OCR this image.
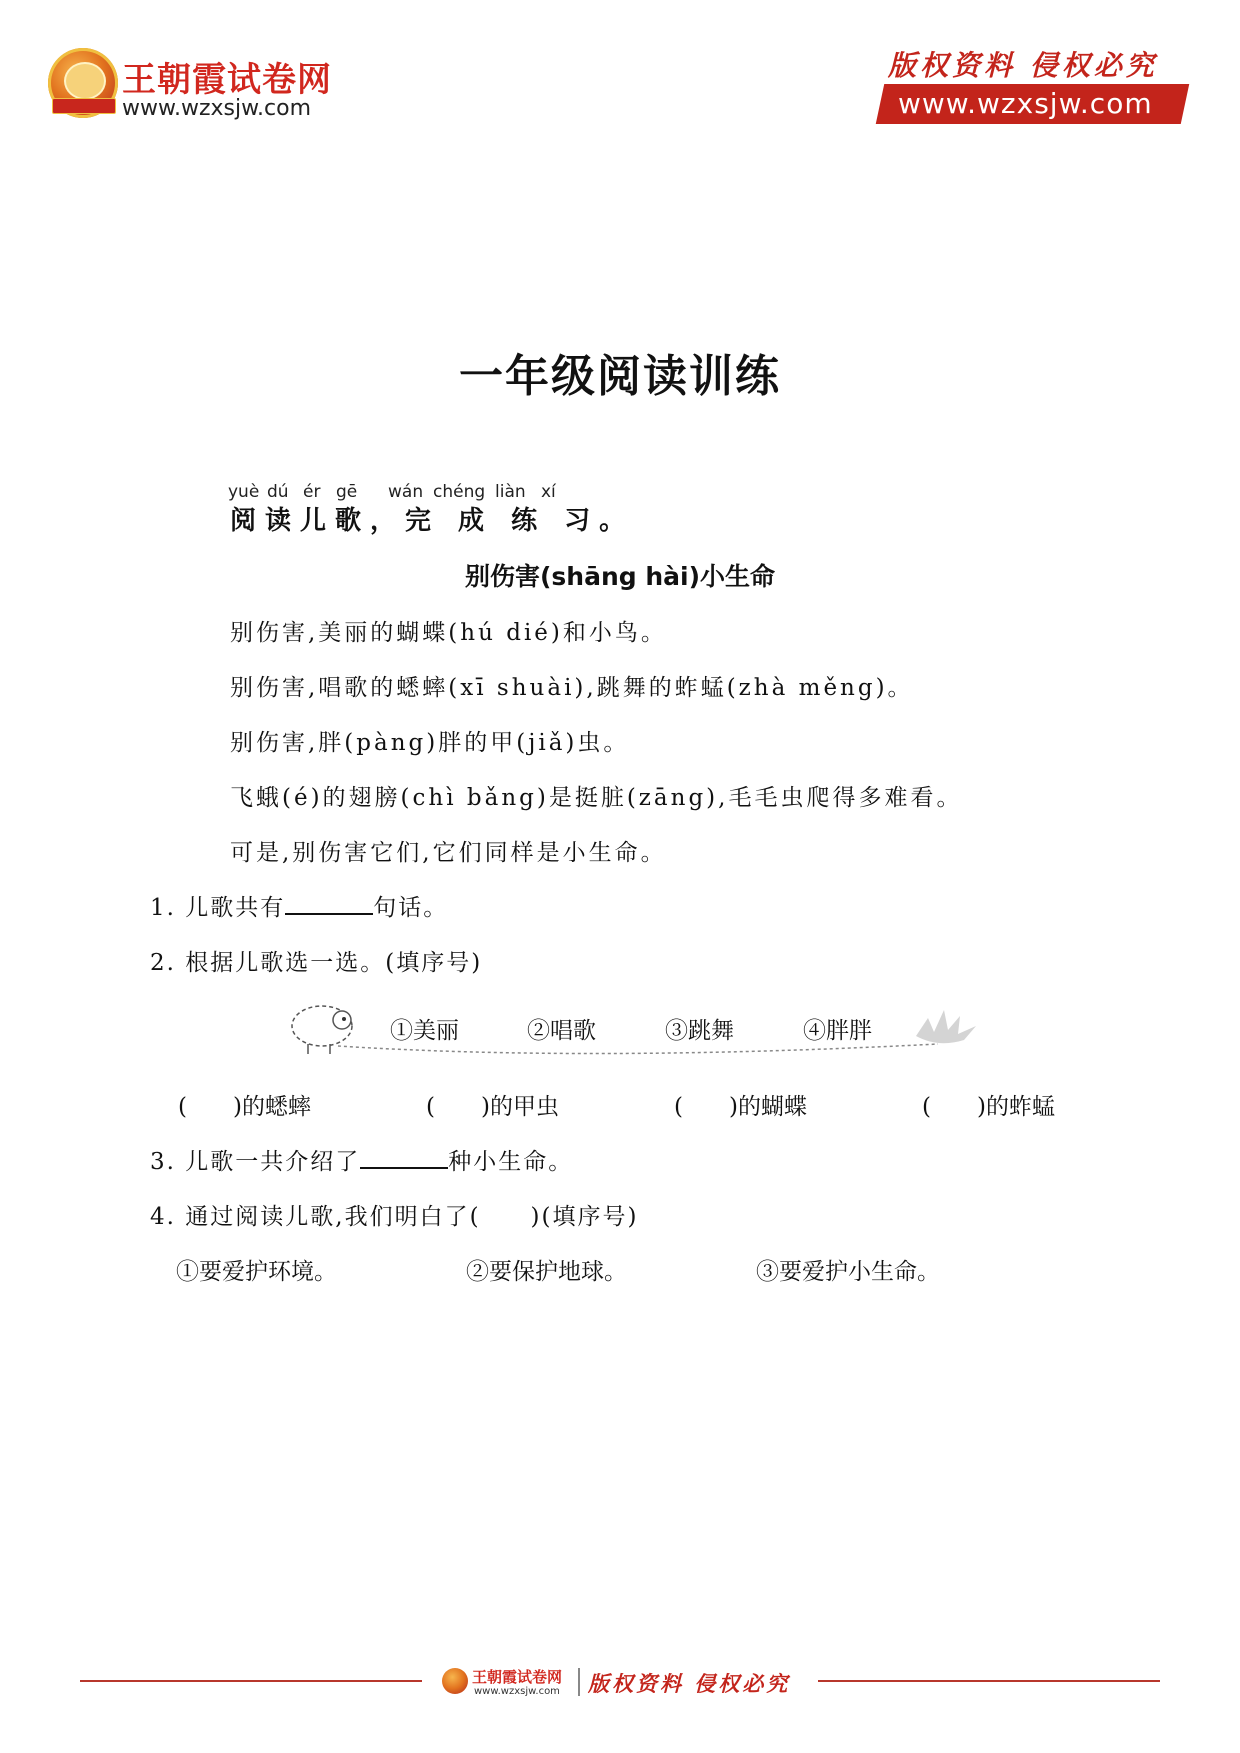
王朝霞试卷网
www.wzxsjw.com
版权资料 侵权必究
www.wzxsjw.com
一年级阅读训练
yuè dú ér gē wán chéng liàn xí
阅读儿歌，完 成 练 习。
别伤害(shāng hài)小生命
别伤害,美丽的蝴蝶(hú dié)和小鸟。
别伤害,唱歌的蟋蟀(xī shuài),跳舞的蚱蜢(zhà měng)。
别伤害,胖(pàng)胖的甲(jiǎ)虫。
飞蛾(é)的翅膀(chì bǎng)是挺脏(zāng),毛毛虫爬得多难看。
可是,别伤害它们,它们同样是小生命。
1. 儿歌共有	句话。
2. 根据儿歌选一选。(填序号)
①美丽	②唱歌	③跳舞	④胖胖
(　　)的蟋蟀	(　　)的甲虫	(　　)的蝴蝶	(　　)的蚱蜢
3. 儿歌一共介绍了	种小生命。
4. 通过阅读儿歌,我们明白了(　　)(填序号)
①要爱护环境。	②要保护地球。	③要爱护小生命。
王朝霞试卷网
www.wzxsjw.com 版权资料 侵权必究
